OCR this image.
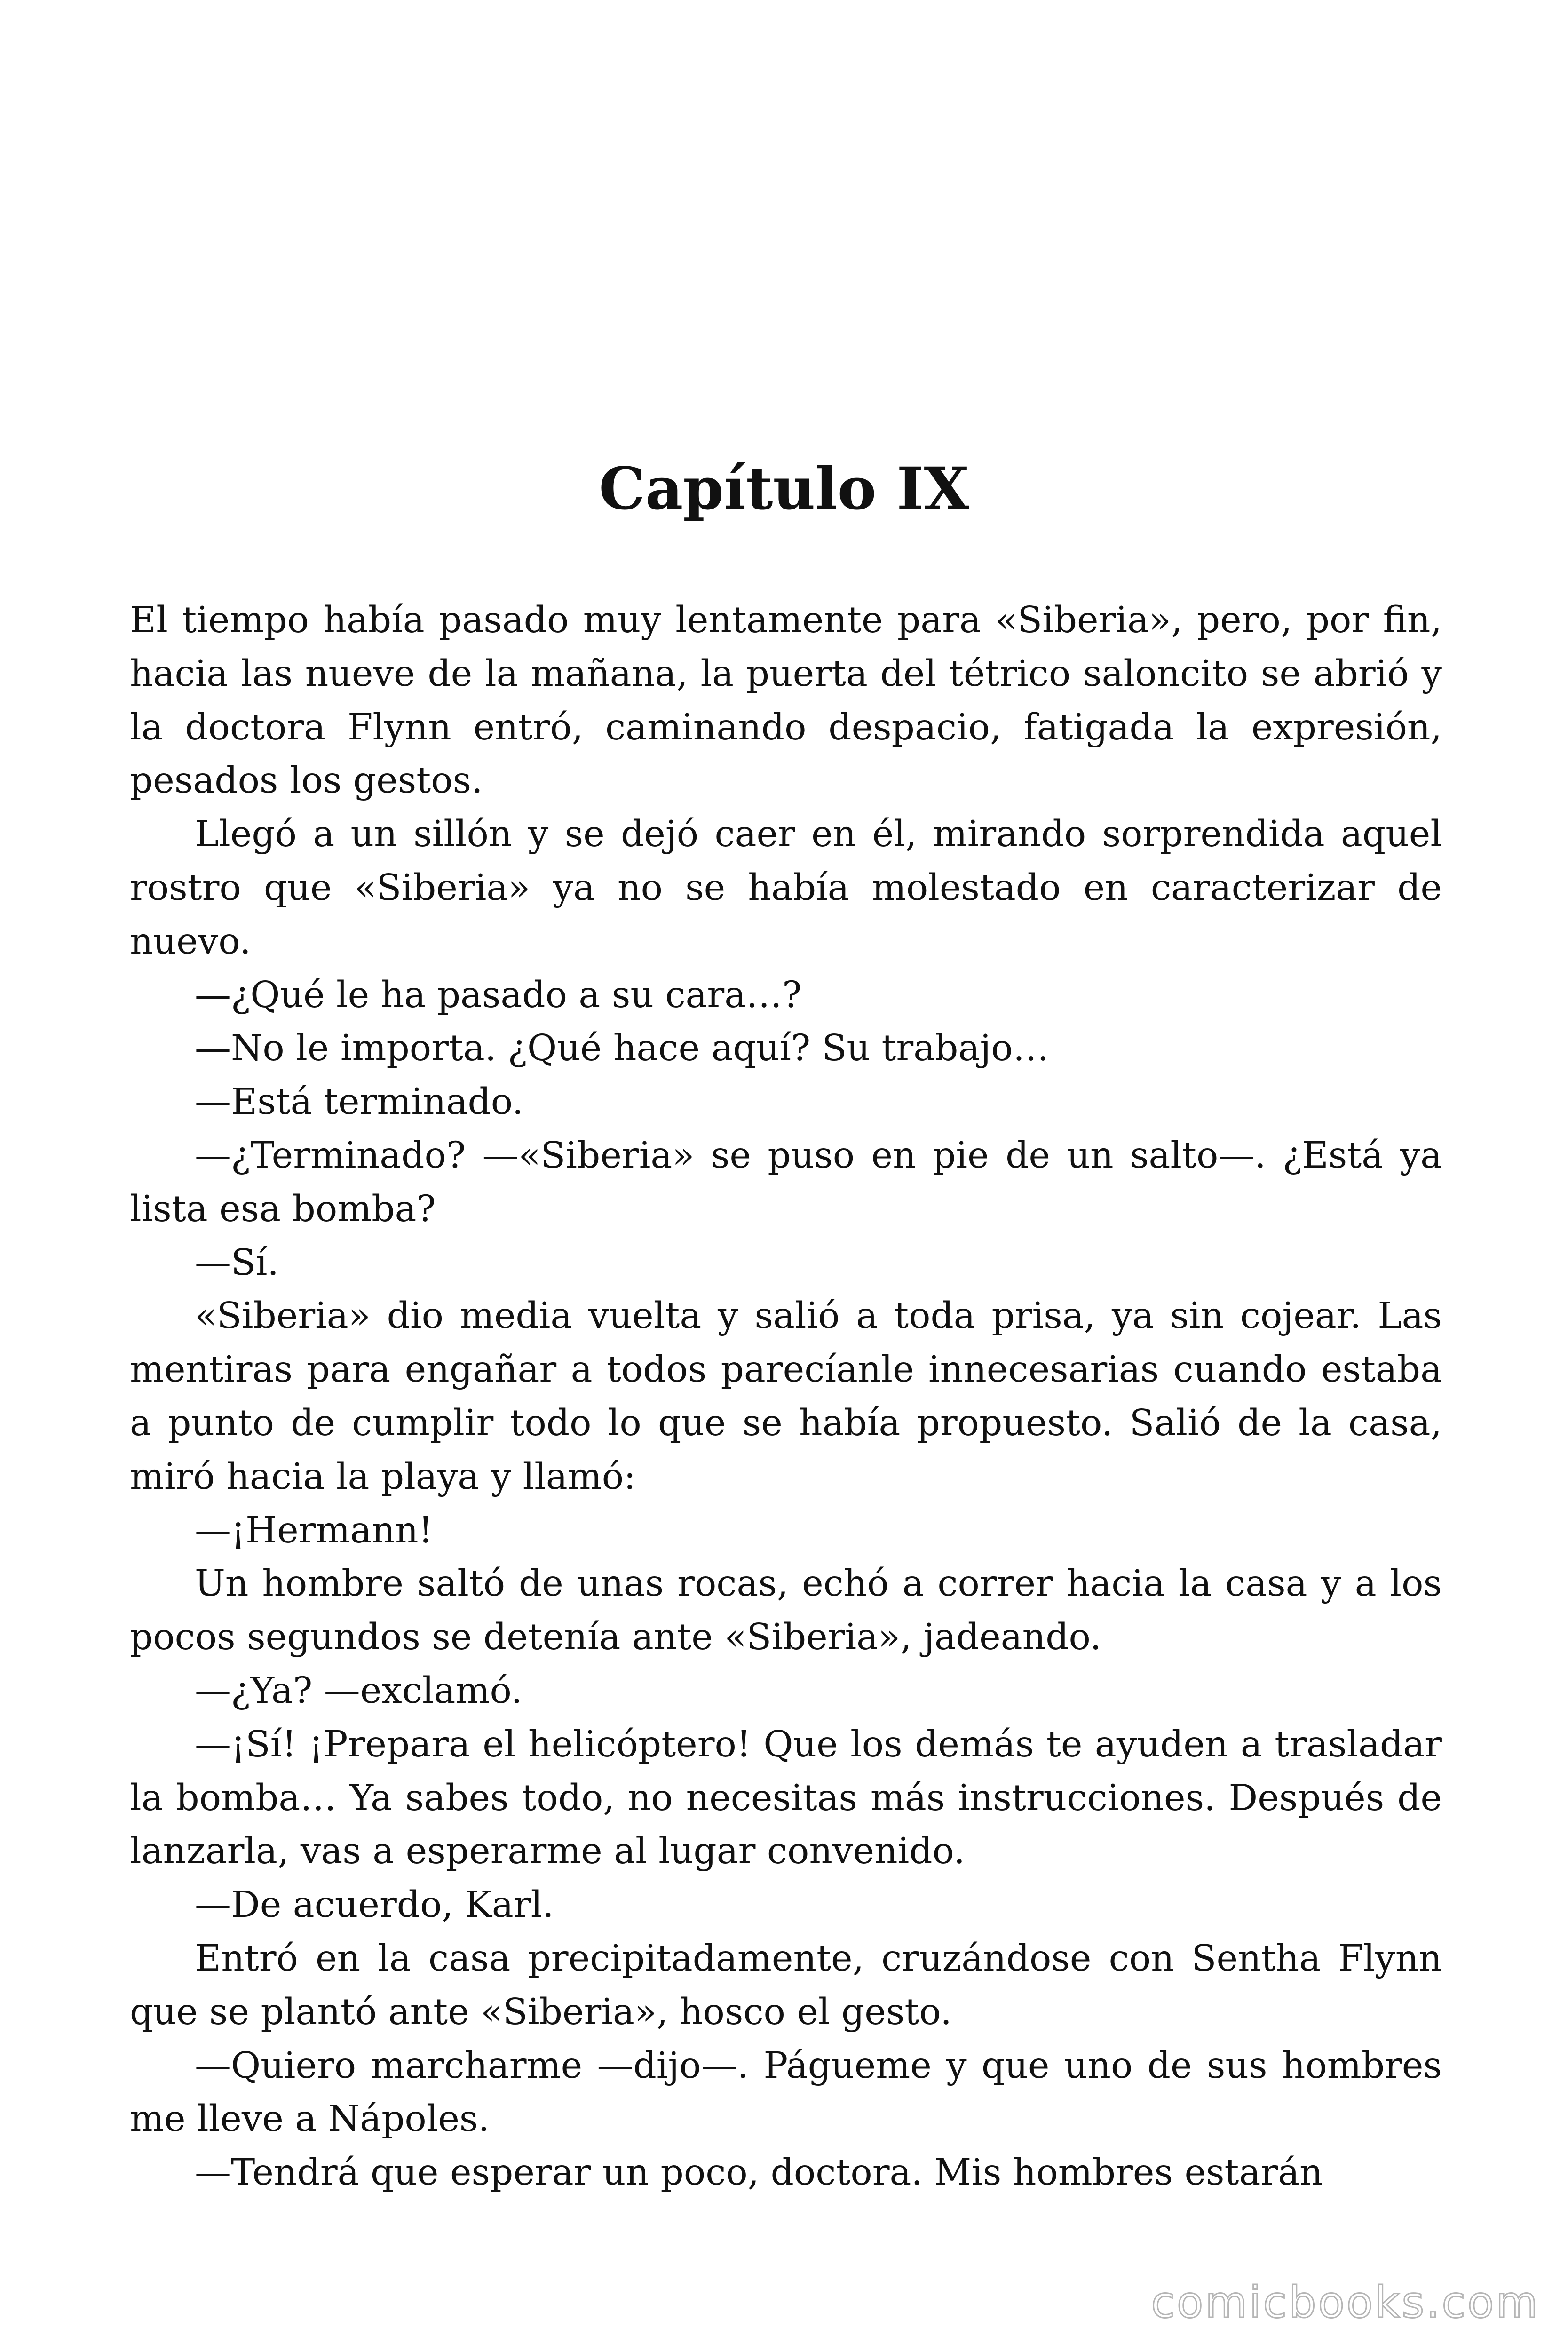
Capítulo IX

El tiempo había pasado muy lentamente para «Siberia», pero, por fin, hacia las nueve de la mañana, la puerta del tétrico saloncito se abrió y la doctora Flynn entró, caminando despacio, fatigada la expresión, pesados los gestos.

Llegó a un sillón y se dejó caer en él, mirando sorprendida aquel rostro que «Siberia» ya no se había molestado en caracterizar de nuevo.

—¿Qué le ha pasado a su cara…?

—No le importa. ¿Qué hace aquí? Su trabajo…

—Está terminado.

—¿Terminado? —«Siberia» se puso en pie de un salto—. ¿Está ya lista esa bomba?

—Sí.

«Siberia» dio media vuelta y salió a toda prisa, ya sin cojear. Las mentiras para engañar a todos parecíanle innecesarias cuando estaba a punto de cumplir todo lo que se había propuesto. Salió de la casa, miró hacia la playa y llamó:

—¡Hermann!

Un hombre saltó de unas rocas, echó a correr hacia la casa y a los pocos segundos se detenía ante «Siberia», jadeando.

—¿Ya? —exclamó.

—¡Sí! ¡Prepara el helicóptero! Que los demás te ayuden a trasladar la bomba… Ya sabes todo, no necesitas más instrucciones. Después de lanzarla, vas a esperarme al lugar convenido.

—De acuerdo, Karl.

Entró en la casa precipitadamente, cruzándose con Sentha Flynn que se plantó ante «Siberia», hosco el gesto.

—Quiero marcharme —dijo—. Págueme y que uno de sus hombres me lleve a Nápoles.

—Tendrá que esperar un poco, doctora. Mis hombres estarán

comicbooks.com
